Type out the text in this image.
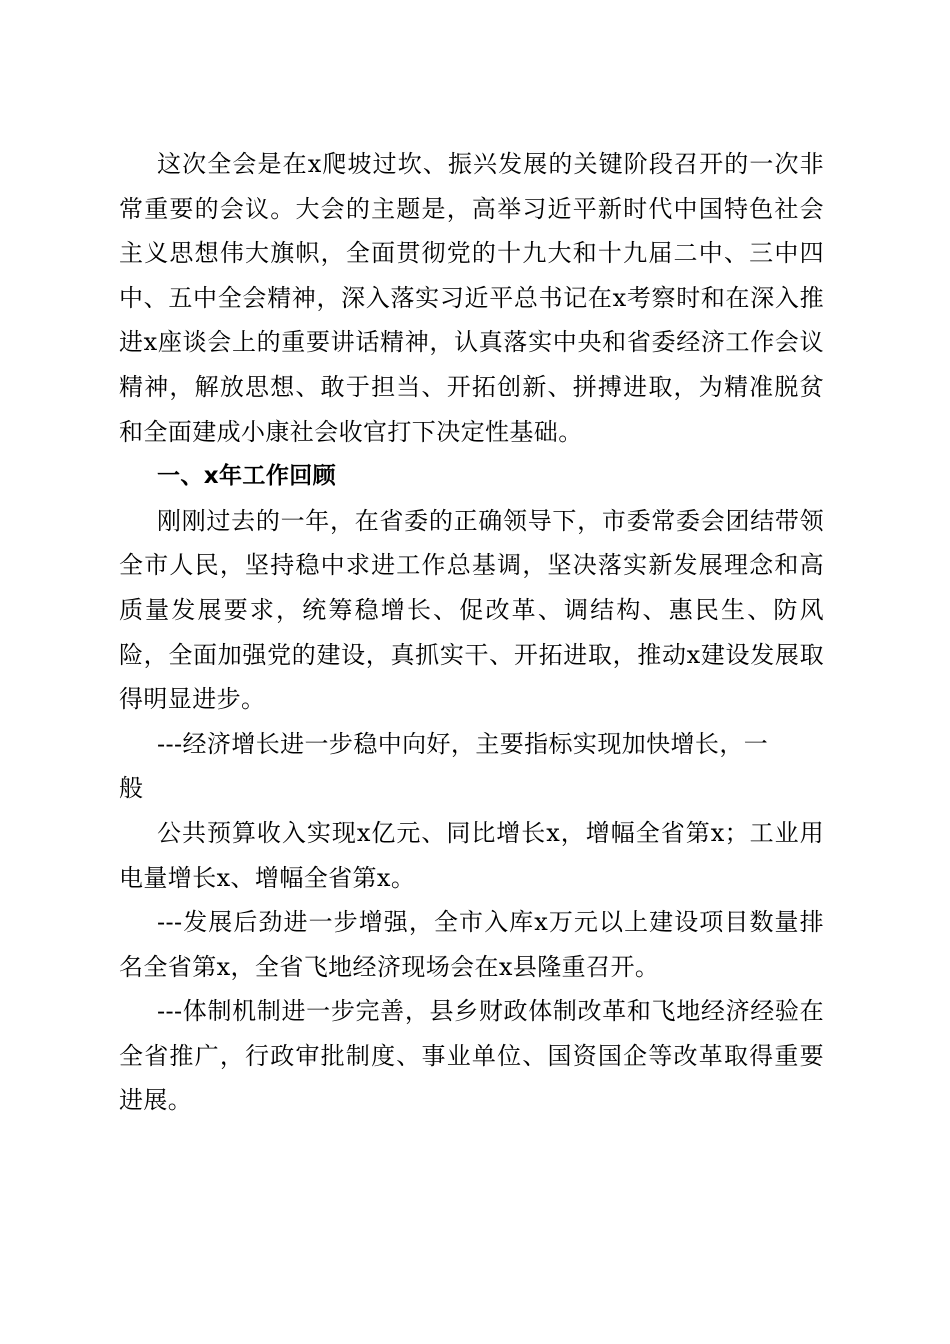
这次全会是在x爬坡过坎、振兴发展的关键阶段召开的一次非常重要的会议。大会的主题是，高举习近平新时代中国特色社会主义思想伟大旗帜，全面贯彻党的十九大和十九届二中、三中四中、五中全会精神，深入落实习近平总书记在x考察时和在深入推进x座谈会上的重要讲话精神，认真落实中央和省委经济工作会议精神，解放思想、敢于担当、开拓创新、拼搏进取，为精准脱贫和全面建成小康社会收官打下决定性基础。

一、x年工作回顾

刚刚过去的一年，在省委的正确领导下，市委常委会团结带领全市人民，坚持稳中求进工作总基调，坚决落实新发展理念和高质量发展要求，统筹稳增长、促改革、调结构、惠民生、防风险，全面加强党的建设，真抓实干、开拓进取，推动x建设发展取得明显进步。

---经济增长进一步稳中向好，主要指标实现加快增长，一

般

公共预算收入实现x亿元、同比增长x，增幅全省第x；工业用电量增长x、增幅全省第x。

---发展后劲进一步增强，全市入库x万元以上建设项目数量排名全省第x，全省飞地经济现场会在x县隆重召开。

---体制机制进一步完善，县乡财政体制改革和飞地经济经验在全省推广，行政审批制度、事业单位、国资国企等改革取得重要进展。
